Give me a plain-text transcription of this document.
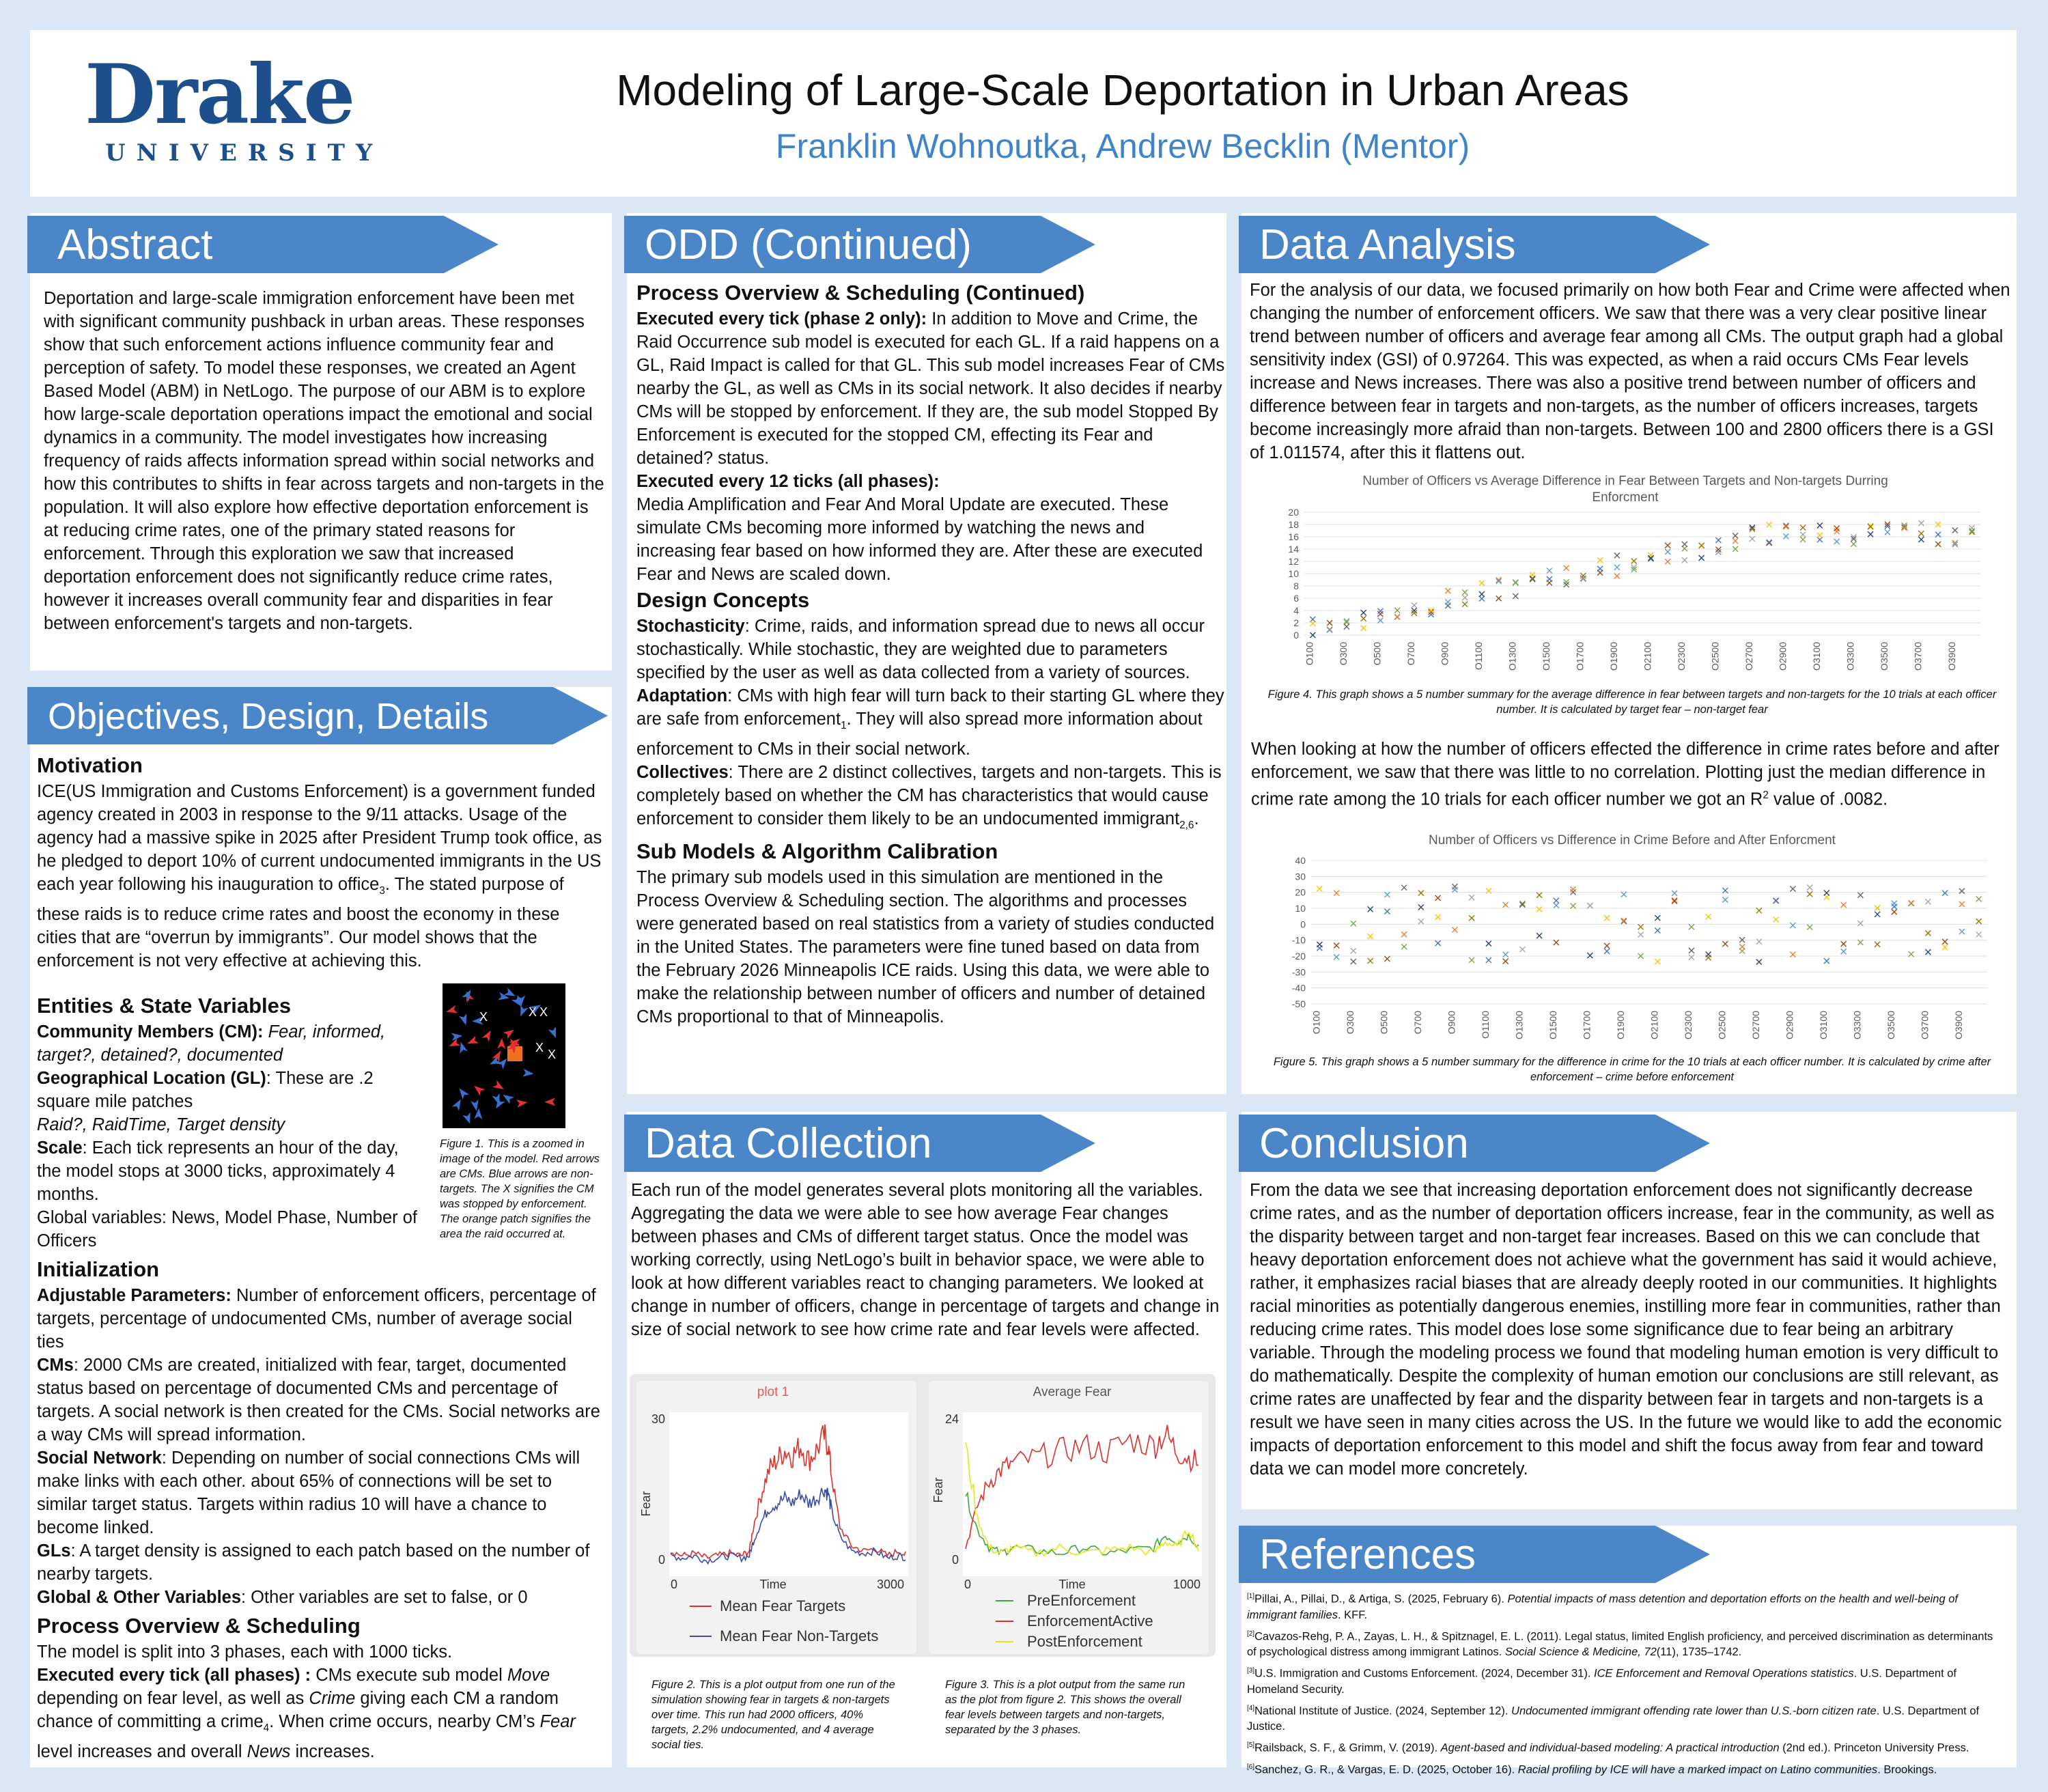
Drake
UNIVERSITY
Modeling of Large-Scale Deportation in Urban Areas
Franklin Wohnoutka, Andrew Becklin (Mentor)
Deportation and large-scale immigration enforcement have been met with significant community pushback in urban areas. These responses show that such enforcement actions influence community fear and perception of safety. To model these responses, we created an Agent Based Model (ABM) in NetLogo. The purpose of our ABM is to explore how large-scale deportation operations impact the emotional and social dynamics in a community. The model investigates how increasing frequency of raids affects information spread within social networks and how this contributes to shifts in fear across targets and non-targets in the population. It will also explore how effective deportation enforcement is at reducing crime rates, one of the primary stated reasons for enforcement. Through this exploration we saw that increased deportation enforcement does not significantly reduce crime rates, however it increases overall community fear and disparities in fear between enforcement's targets and non-targets.
Abstract
Objectives, Design, Details
Motivation

ICE(US Immigration and Customs Enforcement) is a government funded agency created in 2003 in response to the 9/11 attacks. Usage of the agency had a massive spike in 2025 after President Trump took office, as he pledged to deport 10% of current undocumented immigrants in the US each year following his inauguration to office$_3$. The stated purpose of these raids is to reduce crime rates and boost the economy in these cities that are “overrun by immigrants”. Our model shows that the enforcement is not very effective at achieving this.

Entities & State Variables

Community Members (CM): Fear, informed, target?, detained?, documented

Geographical Location (GL): These are .2 square mile patches

Raid?, RaidTime, Target density

Scale: Each tick represents an hour of the day, the model stops at 3000 ticks, approximately 4 months.

Global variables: News, Model Phase, Number of Officers

X	X X
X X
Figure 1. This is a zoomed in image of the model. Red arrows are CMs. Blue arrows are non-targets. The X signifies the CM was stopped by enforcement. The orange patch signifies the area the raid occurred at.
Initialization

Adjustable Parameters: Number of enforcement officers, percentage of targets, percentage of undocumented CMs, number of average social ties

CMs: 2000 CMs are created, initialized with fear, target, documented status based on percentage of documented CMs and percentage of targets. A social network is then created for the CMs. Social networks are a way CMs will spread information.

Social Network: Depending on number of social connections CMs will make links with each other. about 65% of connections will be set to similar target status. Targets within radius 10 will have a chance to become linked.

GLs: A target density is assigned to each patch based on the number of nearby targets.

Global & Other Variables: Other variables are set to false, or 0

Process Overview & Scheduling

The model is split into 3 phases, each with 1000 ticks.

Executed every tick (all phases) : CMs execute sub model Move depending on fear level, as well as Crime giving each CM a random chance of committing a crime$_4$. When crime occurs, nearby CM’s Fear level increases and overall News increases.

ODD (Continued)
Process Overview & Scheduling (Continued)

Executed every tick (phase 2 only): In addition to Move and Crime, the Raid Occurrence sub model is executed for each GL. If a raid happens on a GL, Raid Impact is called for that GL. This sub model increases Fear of CMs nearby the GL, as well as CMs in its social network. It also decides if nearby CMs will be stopped by enforcement. If they are, the sub model Stopped By Enforcement is executed for the stopped CM, effecting its Fear and detained? status.

Executed every 12 ticks (all phases):

Media Amplification and Fear And Moral Update are executed. These simulate CMs becoming more informed by watching the news and increasing fear based on how informed they are. After these are executed Fear and News are scaled down.

Design Concepts

Stochasticity: Crime, raids, and information spread due to news all occur stochastically. While stochastic, they are weighted due to parameters specified by the user as well as data collected from a variety of sources.

Adaptation: CMs with high fear will turn back to their starting GL where they are safe from enforcement$_1$. They will also spread more information about enforcement to CMs in their social network.

Collectives: There are 2 distinct collectives, targets and non-targets. This is completely based on whether the CM has characteristics that would cause enforcement to consider them likely to be an undocumented immigrant$_{2,6}$.

Sub Models & Algorithm Calibration

The primary sub models used in this simulation are mentioned in the Process Overview & Scheduling section. The algorithms and processes were generated based on real statistics from a variety of studies conducted in the United States. The parameters were fine tuned based on data from the February 2026 Minneapolis ICE raids. Using this data, we were able to make the relationship between number of officers and number of detained CMs proportional to that of Minneapolis.

Data Collection
Each run of the model generates several plots monitoring all the variables. Aggregating the data we were able to see how average Fear changes between phases and CMs of different target status. Once the model was working correctly, using NetLogo’s built in behavior space, we were able to look at how different variables react to changing parameters. We looked at change in number of officers, change in percentage of targets and change in size of social network to see how crime rate and fear levels were affected.
plot 1
30
0
Fear
0	3000
Time
Mean Fear Targets
Mean Fear Non-Targets
Average Fear
24
0
Fear
0	1000
Time
PreEnforcement
EnforcementActive
PostEnforcement
Figure 2. This is a plot output from one run of the simulation showing fear in targets & non-targets over time. This run had 2000 officers, 40% targets, 2.2% undocumented, and 4 average social ties.
Figure 3. This is a plot output from the same run as the plot from figure 2. This shows the overall fear levels between targets and non-targets, separated by the 3 phases.
Data Analysis
For the analysis of our data, we focused primarily on how both Fear and Crime were affected when changing the number of enforcement officers. We saw that there was a very clear positive linear trend between number of officers and average fear among all CMs. The output graph had a global sensitivity index (GSI) of 0.97264. This was expected, as when a raid occurs CMs Fear levels increase and News increases. There was also a positive trend between number of officers and difference between fear in targets and non-targets, as the number of officers increases, targets become increasingly more afraid than non-targets. Between 100 and 2800 officers there is a GSI of 1.011574, after this it flattens out.
Number of Officers vs Average Difference in Fear Between Targets and Non-targets Durring
Enforcment
0
2
4
6
8
10
12
14
16
18
20
O100 O300 O500 O700 O900 O1100 O1300 O1500 O1700 O1900 O2100 O2300 O2500 O2700 O2900 O3100 O3300 O3500 O3700 O3900
Figure 4. This graph shows a 5 number summary for the average difference in fear between targets and non-targets for the 10 trials at each officer number. It is calculated by target fear – non-target fear
When looking at how the number of officers effected the difference in crime rates before and after enforcement, we saw that there was little to no correlation. Plotting just the median difference in crime rate among the 10 trials for each officer number we got an $R^2$ value of .0082.
Number of Officers vs Difference in Crime Before and After Enforcment
40
30
20
10
0
-10
-20
-30
-40
-50
O100 O300 O500 O700 O900 O1100 O1300 O1500 O1700 O1900 O2100 O2300 O2500 O2700 O2900 O3100 O3300 O3500 O3700 O3900
Figure 5. This graph shows a 5 number summary for the difference in crime for the 10 trials at each officer number. It is calculated by crime after enforcement – crime before enforcement
Conclusion
From the data we see that increasing deportation enforcement does not significantly decrease crime rates, and as the number of deportation officers increase, fear in the community, as well as the disparity between target and non-target fear increases. Based on this we can conclude that heavy deportation enforcement does not achieve what the government has said it would achieve, rather, it emphasizes racial biases that are already deeply rooted in our communities. It highlights racial minorities as potentially dangerous enemies, instilling more fear in communities, rather than reducing crime rates. This model does lose some significance due to fear being an arbitrary variable. Through the modeling process we found that modeling human emotion is very difficult to do mathematically. Despite the complexity of human emotion our conclusions are still relevant, as crime rates are unaffected by fear and the disparity between fear in targets and non-targets is a result we have seen in many cities across the US. In the future we would like to add the economic impacts of deportation enforcement to this model and shift the focus away from fear and toward data we can model more concretely.
References
[1]Pillai, A., Pillai, D., & Artiga, S. (2025, February 6). Potential impacts of mass detention and deportation efforts on the health and well-being of immigrant families. KFF.
[2]Cavazos-Rehg, P. A., Zayas, L. H., & Spitznagel, E. L. (2011). Legal status, limited English proficiency, and perceived discrimination as determinants of psychological distress among immigrant Latinos. Social Science & Medicine, 72(11), 1735–1742.
[3]U.S. Immigration and Customs Enforcement. (2024, December 31). ICE Enforcement and Removal Operations statistics. U.S. Department of Homeland Security.
[4]National Institute of Justice. (2024, September 12). Undocumented immigrant offending rate lower than U.S.-born citizen rate. U.S. Department of Justice.
[5]Railsback, S. F., & Grimm, V. (2019). Agent-based and individual-based modeling: A practical introduction (2nd ed.). Princeton University Press.
[6]Sanchez, G. R., & Vargas, E. D. (2025, October 16). Racial profiling by ICE will have a marked impact on Latino communities. Brookings.
